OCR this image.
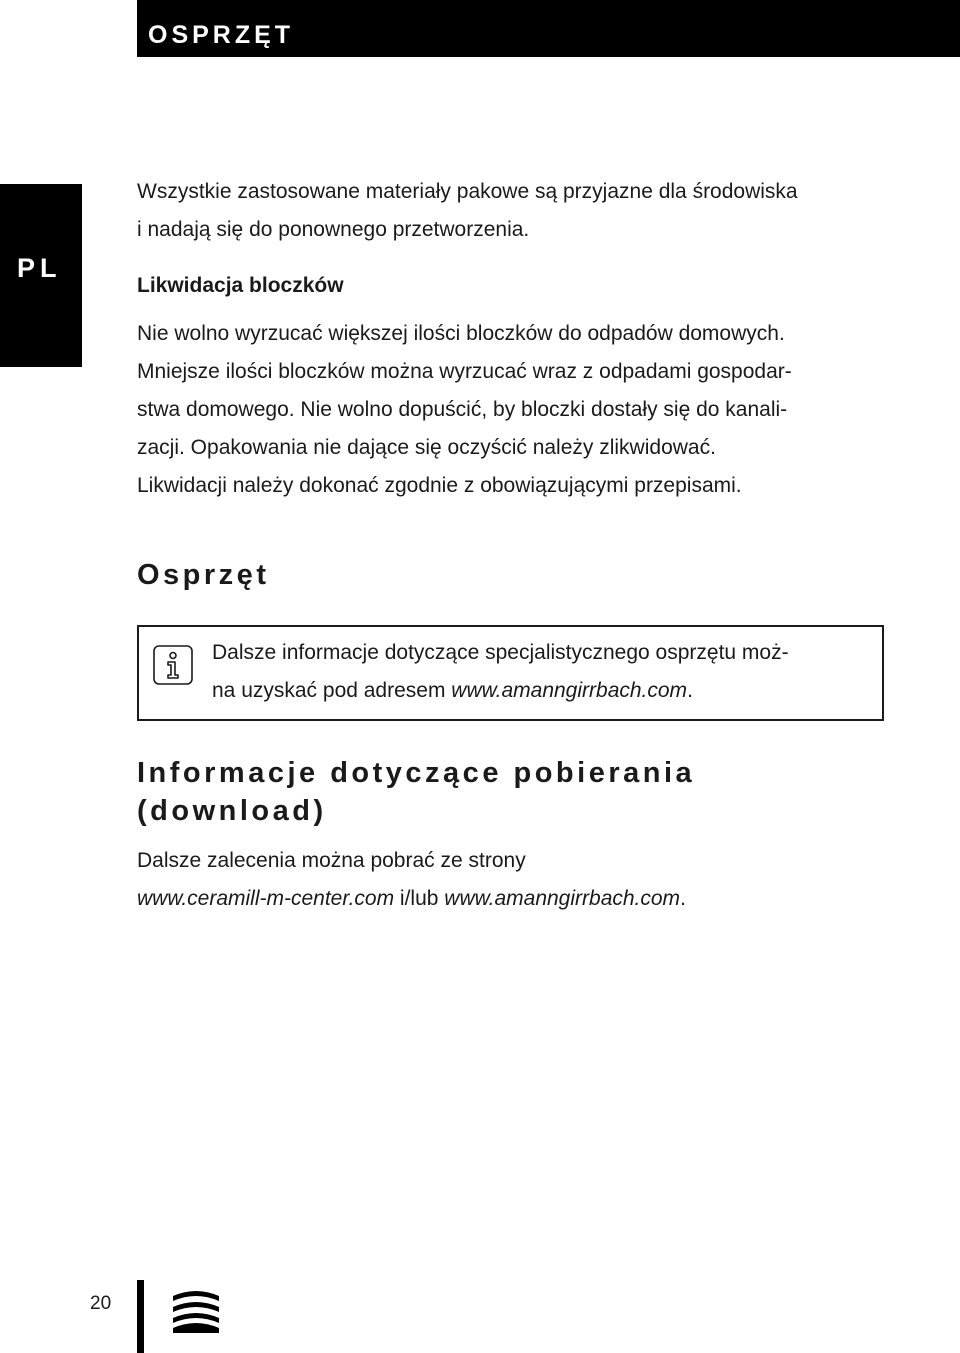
OSPRZĘT
PL
Wszystkie zastosowane materiały pakowe są przyjazne dla środowiska
i nadają się do ponownego przetworzenia.
Likwidacja bloczków
Nie wolno wyrzucać większej ilości bloczków do odpadów domowych.
Mniejsze ilości bloczków można wyrzucać wraz z odpadami gospodar-
stwa domowego. Nie wolno dopuścić, by bloczki dostały się do kanali-
zacji. Opakowania nie dające się oczyścić należy zlikwidować.
Likwidacji należy dokonać zgodnie z obowiązującymi przepisami.
Osprzęt
Dalsze informacje dotyczące specjalistycznego osprzętu moż-
na uzyskać pod adresem www.amanngirrbach.com.
Informacje dotyczące pobierania
(download)
Dalsze zalecenia można pobrać ze strony
www.ceramill-m-center.com i/lub www.amanngirrbach.com.
20
